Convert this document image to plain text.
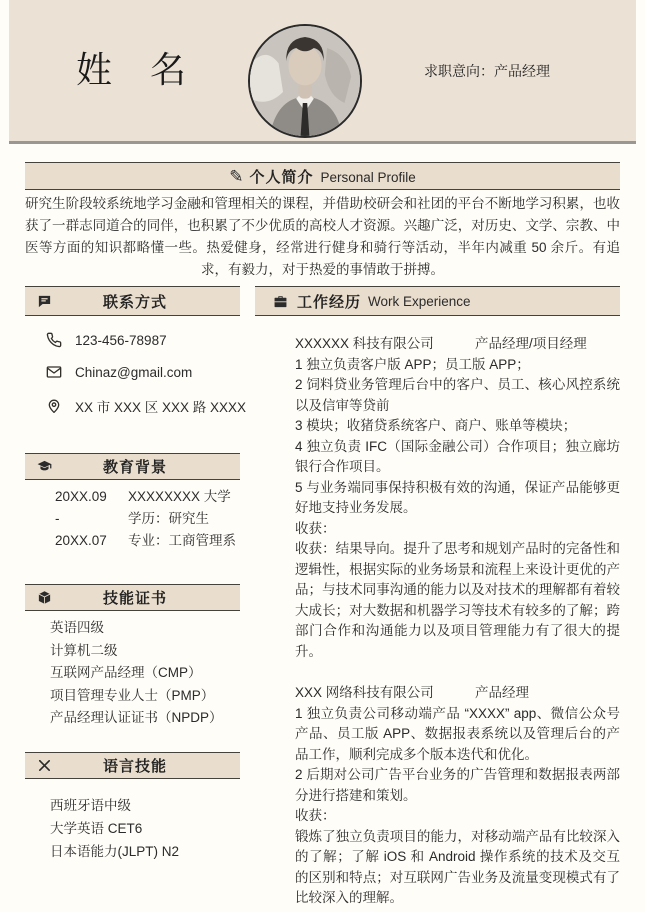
姓 名	求职意向：产品经理
✎ 个人简介 Personal Profile

研究生阶段较系统地学习金融和管理相关的课程，并借助校研会和社团的平台不断地学习积累，也收获了一群志同道合的同伴，也积累了不少优质的高校人才资源。兴趣广泛，对历史、文学、宗教、中医等方面的知识都略懂一些。热爱健身，经常进行健身和骑行等活动，半年内减重 50 余斤。有追求，有毅力，对于热爱的事情敢于拼搏。

联系方式
123-456-78987
Chinaz@gmail.com
XX 市 XXX 区 XXX 路 XXXX
教育背景
20XX.09
-
20XX.07
XXXXXXXX 大学
学历：研究生
专业：工商管理系
技能证书
英语四级
计算机二级
互联网产品经理（CMP）
项目管理专业人士（PMP）
产品经理认证证书（NPDP）
语言技能
西班牙语中级
大学英语 CET6
日本语能力(JLPT) N2
工作经历 Work Experience
XXXXXX 科技有限公司	产品经理/项目经理

1 独立负责客户版 APP；员工版 APP；

2 饲料贷业务管理后台中的客户、员工、核心风控系统以及信审等贷前

3 模块；收猪贷系统客户、商户、账单等模块；

4 独立负责 IFC（国际金融公司）合作项目；独立廊坊银行合作项目。

5 与业务端同事保持积极有效的沟通，保证产品能够更好地支持业务发展。

收获：

收获：结果导向。提升了思考和规划产品时的完备性和逻辑性，根据实际的业务场景和流程上来设计更优的产品；与技术同事沟通的能力以及对技术的理解都有着较大成长；对大数据和机器学习等技术有较多的了解；跨部门合作和沟通能力以及项目管理能力有了很大的提升。

XXX 网络科技有限公司	产品经理

1 独立负责公司移动端产品 “XXXX” app、微信公众号产品、员工版 APP、数据报表系统以及管理后台的产品工作，顺利完成多个版本迭代和优化。

2 后期对公司广告平台业务的广告管理和数据报表两部分进行搭建和策划。

收获：

锻炼了独立负责项目的能力，对移动端产品有比较深入的了解；了解 iOS 和 Android 操作系统的技术及交互的区别和特点；对互联网广告业务及流量变现模式有了比较深入的理解。
